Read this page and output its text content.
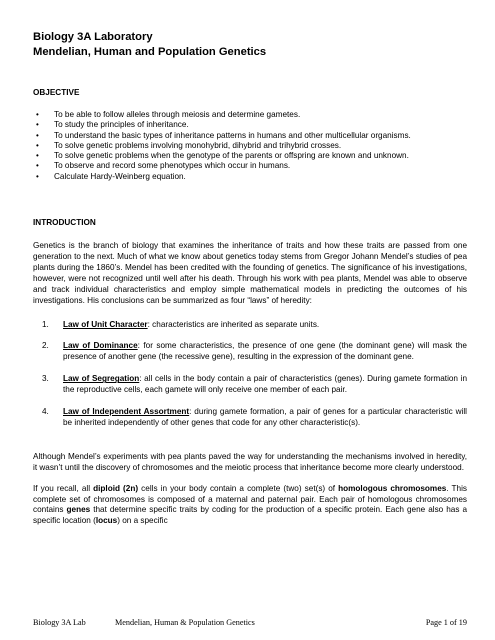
Biology 3A Laboratory
Mendelian, Human and Population Genetics
OBJECTIVE
• To be able to follow alleles through meiosis and determine gametes.
• To study the principles of inheritance.
• To understand the basic types of inheritance patterns in humans and other multicellular organisms.
• To solve genetic problems involving monohybrid, dihybrid and trihybrid crosses.
• To solve genetic problems when the genotype of the parents or offspring are known and unknown.
• To observe and record some phenotypes which occur in humans.
• Calculate Hardy-Weinberg equation.
INTRODUCTION

Genetics is the branch of biology that examines the inheritance of traits and how these traits are passed from one generation to the next. Much of what we know about genetics today stems from Gregor Johann Mendel’s studies of pea plants during the 1860’s. Mendel has been credited with the founding of genetics. The significance of his investigations, however, were not recognized until well after his death. Through his work with pea plants, Mendel was able to observe and track individual characteristics and employ simple mathematical models in predicting the outcomes of his investigations. His conclusions can be summarized as four “laws” of heredity:

1. Law of Unit Character: characteristics are inherited as separate units.
2. Law of Dominance: for some characteristics, the presence of one gene (the dominant gene) will mask the presence of another gene (the recessive gene), resulting in the expression of the dominant gene.
3. Law of Segregation: all cells in the body contain a pair of characteristics (genes). During gamete formation in the reproductive cells, each gamete will only receive one member of each pair.
4. Law of Independent Assortment: during gamete formation, a pair of genes for a particular characteristic will be inherited independently of other genes that code for any other characteristic(s).

Although Mendel’s experiments with pea plants paved the way for understanding the mechanisms involved in heredity, it wasn’t until the discovery of chromosomes and the meiotic process that inheritance become more clearly understood.

If you recall, all diploid (2n) cells in your body contain a complete (two) set(s) of homologous chromosomes. This complete set of chromosomes is composed of a maternal and paternal pair. Each pair of homologous chromosomes contains genes that determine specific traits by coding for the production of a specific protein. Each gene also has a specific location (locus) on a specific

Biology 3A Lab	Mendelian, Human & Population Genetics	Page 1 of 19
